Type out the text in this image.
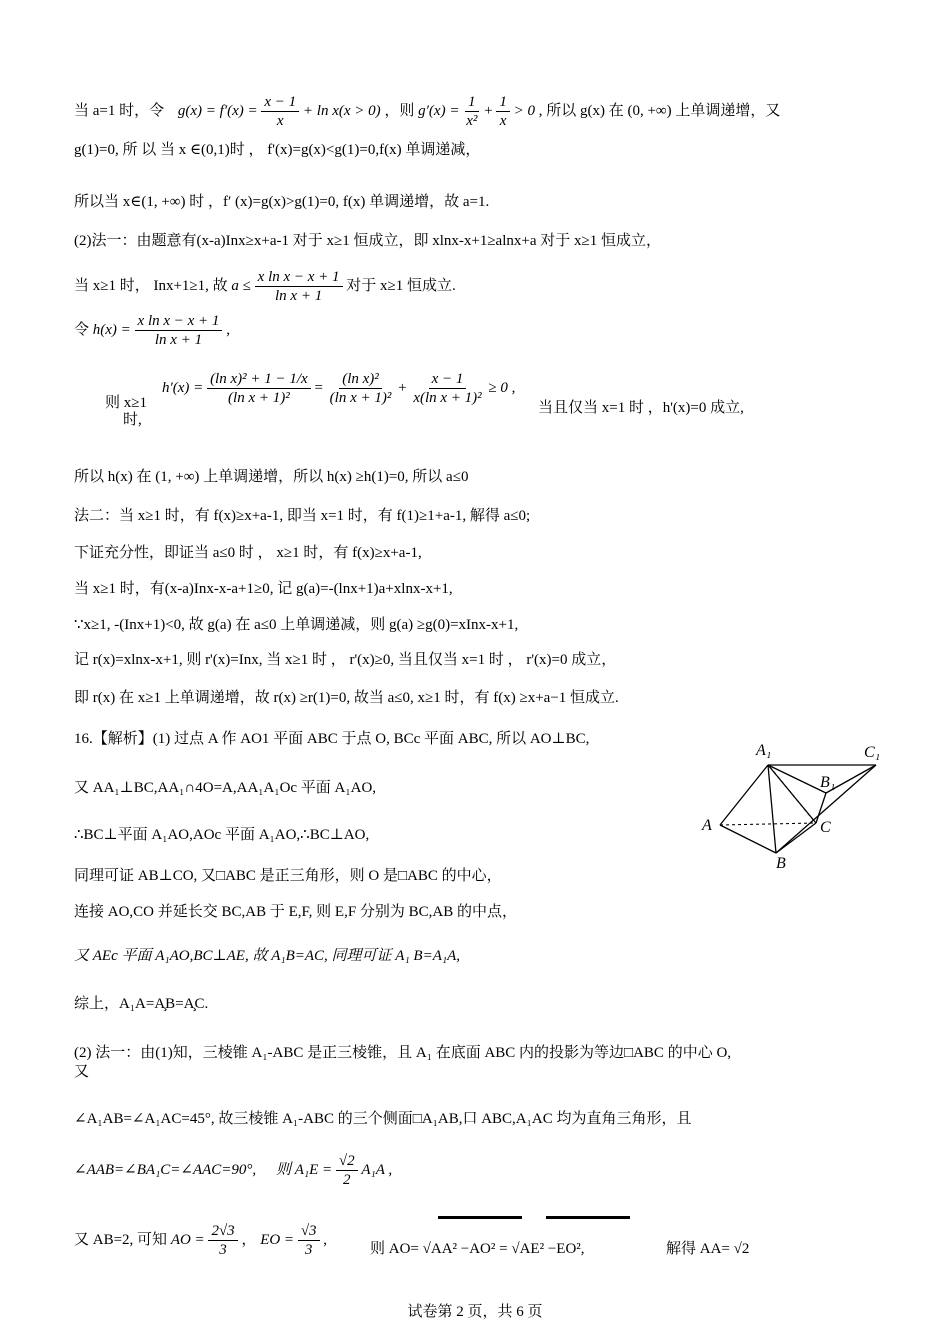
当 a=1 时，令 $g(x) = f'(x) = \frac{x - 1}{x} + \ln x(x > 0)$ ，则 $g'(x) = \frac{1}{\text{x²}} + \frac{1}{x} > 0$ , 所以 g(x) 在 (0, +∞) 上单调递增，又
g(1)=0, 所 以 当 x ∈(0,1)时 ， f'(x)=g(x)<g(1)=0,f(x) 单调递减，
所以当 x∈(1, +∞) 时 ，f′ (x)=g(x)>g(1)=0, f(x) 单调递增，故 a=1.
(2)法一：由题意有(x-a)Inx≥x+a-1 对于 x≥1 恒成立，即 xlnx-x+1≥alnx+a 对于 x≥1 恒成立，
当 x≥1 时， Inx+1≥1, 故 $a \le \frac{\text{x ln x − x + 1}}{\text{ln x + 1}}$ 对于 x≥1 恒成立.
令 $h(x) = \frac{\text{x ln x − x + 1}}{\text{ln x + 1}}$ ,
则 x≥1
时,
$h'(x) = \frac{\text{(ln x)² + 1 − 1/x}}{\text{(ln x + 1)²}} = \frac{\text{(ln x)²}}{\text{(ln x + 1)²}} + \frac{x - 1}{\text{x(ln x + 1)²}} \ge 0$ ,
当且仅当 x=1 时 ，h'(x)=0 成立,
所以 h(x) 在 (1, +∞) 上单调递增，所以 h(x) ≥h(1)=0, 所以 a≤0
法二：当 x≥1 时，有 f(x)≥x+a-1, 即当 x=1 时，有 f(1)≥1+a-1, 解得 a≤0;
下证充分性，即证当 a≤0 时 ， x≥1 时，有 f(x)≥x+a-1,
当 x≥1 时，有(x-a)Inx-x-a+1≥0, 记 g(a)=-(lnx+1)a+xlnx-x+1,
∵x≥1, -(Inx+1)<0, 故 g(a) 在 a≤0 上单调递减，则 g(a) ≥g(0)=xInx-x+1,
记 r(x)=xlnx-x+1, 则 r'(x)=Inx, 当 x≥1 时 ， r'(x)≥0, 当且仅当 x=1 时 ， r'(x)=0 成立，
即 r(x) 在 x≥1 上单调递增，故 r(x) ≥r(1)=0, 故当 a≤0, x≥1 时，有 f(x) ≥x+a−1 恒成立.
16.【解析】(1) 过点 A 作 AO1 平面 ABC 于点 O, BCc 平面 ABC, 所以 AO⊥BC,
又 AA₁⊥BC,AA₁∩4O=A,AA₁A₁Oc 平面 A₁AO,
∴BC⊥平面 A₁AO,AOc 平面 A₁AO,∴BC⊥AO,
同理可证 AB⊥CO, 又□ABC 是正三角形，则 O 是□ABC 的中心，
连接 AO,CO 并延长交 BC,AB 于 E,F, 则 E,F 分别为 BC,AB 的中点，
又 AEc 平面 A₁AO,BC⊥AE, 故 A₁B=AC, 同理可证 A₁ B=A₁A,
综上，A₁A=A̧B=A̧C.
(2) 法一：由(1)知，三棱锥 A₁-ABC 是正三棱锥，且 A₁ 在底面 ABC 内的投影为等边□ABC 的中心 O,
又
∠A₁AB=∠A₁AC=45°, 故三棱锥 A₁-ABC 的三个侧面□A₁AB,口 ABC,A₁AC 均为直角三角形，且
∠AAB=∠BA₁C=∠AAC=90°, 则 $A_1E = \frac{√2}{2} A_1A$ ,
又 AB=2, 可知 AO = $\frac{2√3}{3}$ ， EO = $\frac{√3}{3}$ ,
则 AO= √AA² −AO² = √AE² −EO²,	解得 AA= √2
A₁	C₁
B₁
A	C
B
试卷第 2 页，共 6 页
